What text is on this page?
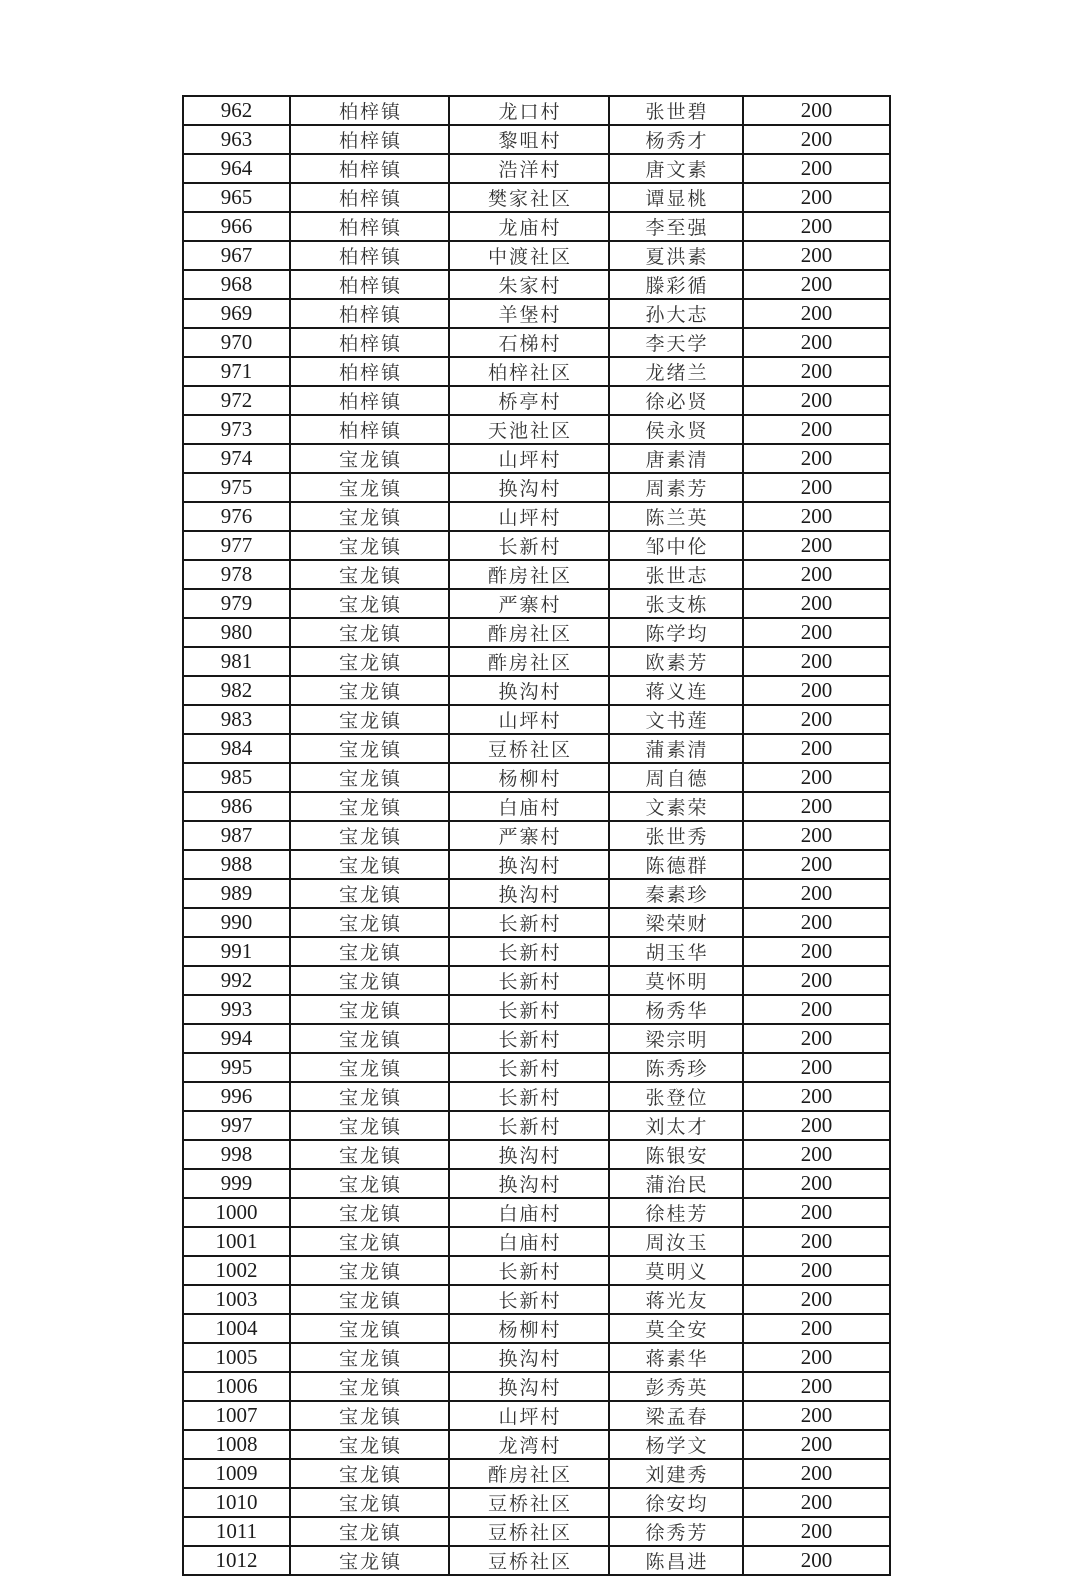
962	柏梓镇	龙口村	张世碧	200
963	柏梓镇	黎咀村	杨秀才	200
964	柏梓镇	浩洋村	唐文素	200
965	柏梓镇	樊家社区	谭显桃	200
966	柏梓镇	龙庙村	李至强	200
967	柏梓镇	中渡社区	夏洪素	200
968	柏梓镇	朱家村	滕彩循	200
969	柏梓镇	羊堡村	孙大志	200
970	柏梓镇	石梯村	李天学	200
971	柏梓镇	柏梓社区	龙绪兰	200
972	柏梓镇	桥亭村	徐必贤	200
973	柏梓镇	天池社区	侯永贤	200
974	宝龙镇	山坪村	唐素清	200
975	宝龙镇	换沟村	周素芳	200
976	宝龙镇	山坪村	陈兰英	200
977	宝龙镇	长新村	邹中伦	200
978	宝龙镇	酢房社区	张世志	200
979	宝龙镇	严寨村	张支栋	200
980	宝龙镇	酢房社区	陈学均	200
981	宝龙镇	酢房社区	欧素芳	200
982	宝龙镇	换沟村	蒋义连	200
983	宝龙镇	山坪村	文书莲	200
984	宝龙镇	豆桥社区	蒲素清	200
985	宝龙镇	杨柳村	周自德	200
986	宝龙镇	白庙村	文素荣	200
987	宝龙镇	严寨村	张世秀	200
988	宝龙镇	换沟村	陈德群	200
989	宝龙镇	换沟村	秦素珍	200
990	宝龙镇	长新村	梁荣财	200
991	宝龙镇	长新村	胡玉华	200
992	宝龙镇	长新村	莫怀明	200
993	宝龙镇	长新村	杨秀华	200
994	宝龙镇	长新村	梁宗明	200
995	宝龙镇	长新村	陈秀珍	200
996	宝龙镇	长新村	张登位	200
997	宝龙镇	长新村	刘太才	200
998	宝龙镇	换沟村	陈银安	200
999	宝龙镇	换沟村	蒲治民	200
1000	宝龙镇	白庙村	徐桂芳	200
1001	宝龙镇	白庙村	周汝玉	200
1002	宝龙镇	长新村	莫明义	200
1003	宝龙镇	长新村	蒋光友	200
1004	宝龙镇	杨柳村	莫全安	200
1005	宝龙镇	换沟村	蒋素华	200
1006	宝龙镇	换沟村	彭秀英	200
1007	宝龙镇	山坪村	梁孟春	200
1008	宝龙镇	龙湾村	杨学文	200
1009	宝龙镇	酢房社区	刘建秀	200
1010	宝龙镇	豆桥社区	徐安均	200
1011	宝龙镇	豆桥社区	徐秀芳	200
1012	宝龙镇	豆桥社区	陈昌进	200
